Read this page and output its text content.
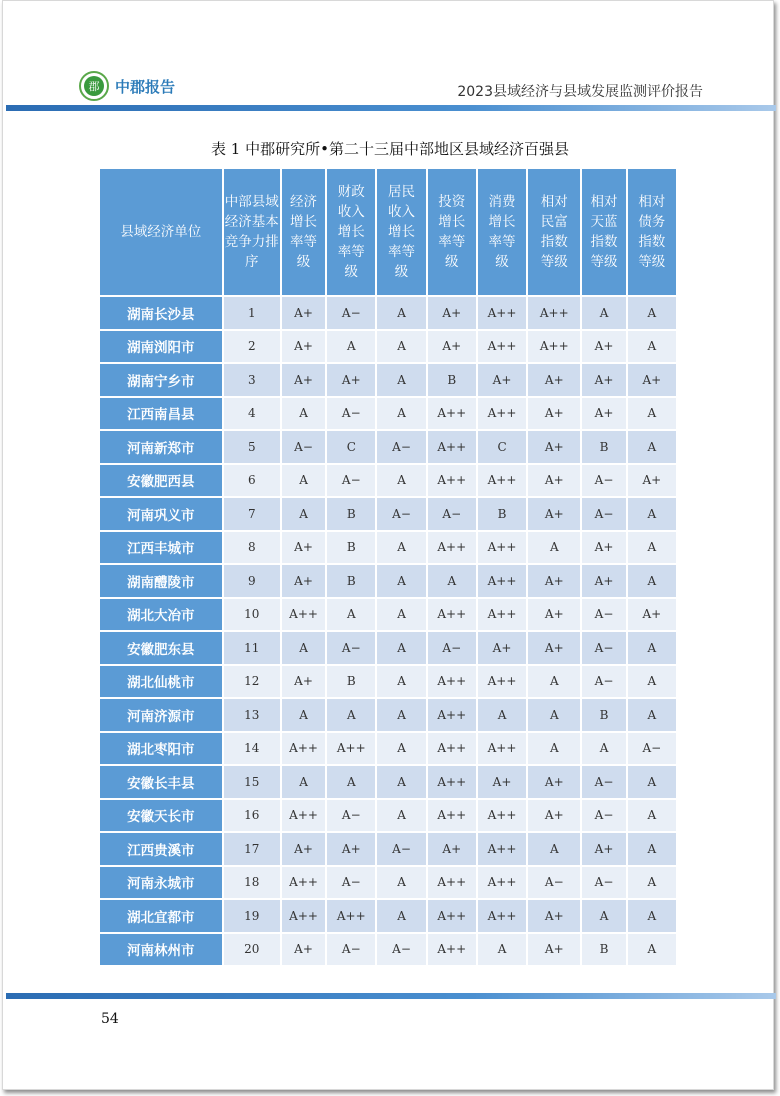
郡	中郡报告	2023县域经济与县域发展监测评价报告
表 1 中郡研究所•第二十三届中部地区县域经济百强县
县域经济单位	中部县域
经济基本
竞争力排
序	经济
增长
率等
级	财政
收入
增长
率等
级	居民
收入
增长
率等
级	投资
增长
率等
级	消费
增长
率等
级	相对
民富
指数
等级	相对
天蓝
指数
等级	相对
债务
指数
等级
湖南长沙县	1	A+	A−	A	A+	A++	A++	A	A
湖南浏阳市	2	A+	A	A	A+	A++	A++	A+	A
湖南宁乡市	3	A+	A+	A	B	A+	A+	A+	A+
江西南昌县	4	A	A−	A	A++	A++	A+	A+	A
河南新郑市	5	A−	C	A−	A++	C	A+	B	A
安徽肥西县	6	A	A−	A	A++	A++	A+	A−	A+
河南巩义市	7	A	B	A−	A−	B	A+	A−	A
江西丰城市	8	A+	B	A	A++	A++	A	A+	A
湖南醴陵市	9	A+	B	A	A	A++	A+	A+	A
湖北大冶市	10	A++	A	A	A++	A++	A+	A−	A+
安徽肥东县	11	A	A−	A	A−	A+	A+	A−	A
湖北仙桃市	12	A+	B	A	A++	A++	A	A−	A
河南济源市	13	A	A	A	A++	A	A	B	A
湖北枣阳市	14	A++	A++	A	A++	A++	A	A	A−
安徽长丰县	15	A	A	A	A++	A+	A+	A−	A
安徽天长市	16	A++	A−	A	A++	A++	A+	A−	A
江西贵溪市	17	A+	A+	A−	A+	A++	A	A+	A
河南永城市	18	A++	A−	A	A++	A++	A−	A−	A
湖北宜都市	19	A++	A++	A	A++	A++	A+	A	A
河南林州市	20	A+	A−	A−	A++	A	A+	B	A
54
